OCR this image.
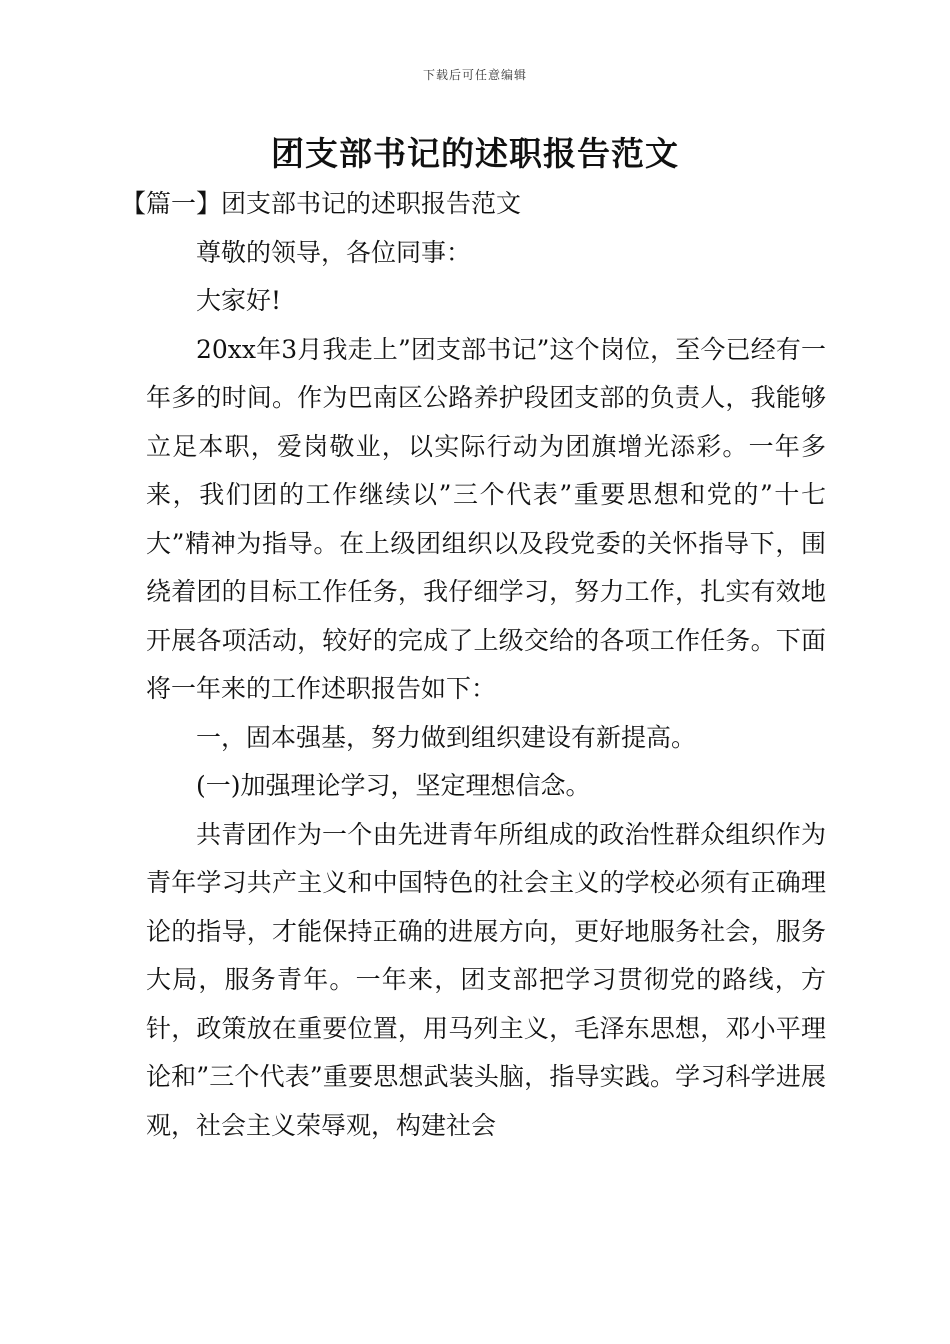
下载后可任意编辑
团支部书记的述职报告范文

【篇一】团支部书记的述职报告范文

尊敬的领导，各位同事：

大家好!

20xx年3月我走上”团支部书记”这个岗位，至今已经有一年多的时间。作为巴南区公路养护段团支部的负责人，我能够立足本职，爱岗敬业，以实际行动为团旗增光添彩。一年多来，我们团的工作继续以”三个代表”重要思想和党的”十七大”精神为指导。在上级团组织以及段党委的关怀指导下，围绕着团的目标工作任务，我仔细学习，努力工作，扎实有效地开展各项活动，较好的完成了上级交给的各项工作任务。下面将一年来的工作述职报告如下：

一，固本强基，努力做到组织建设有新提高。

(一)加强理论学习，坚定理想信念。

共青团作为一个由先进青年所组成的政治性群众组织作为青年学习共产主义和中国特色的社会主义的学校必须有正确理论的指导，才能保持正确的进展方向，更好地服务社会，服务大局，服务青年。一年来，团支部把学习贯彻党的路线，方针，政策放在重要位置，用马列主义，毛泽东思想，邓小平理论和”三个代表”重要思想武装头脑，指导实践。学习科学进展观，社会主义荣辱观，构建社会
